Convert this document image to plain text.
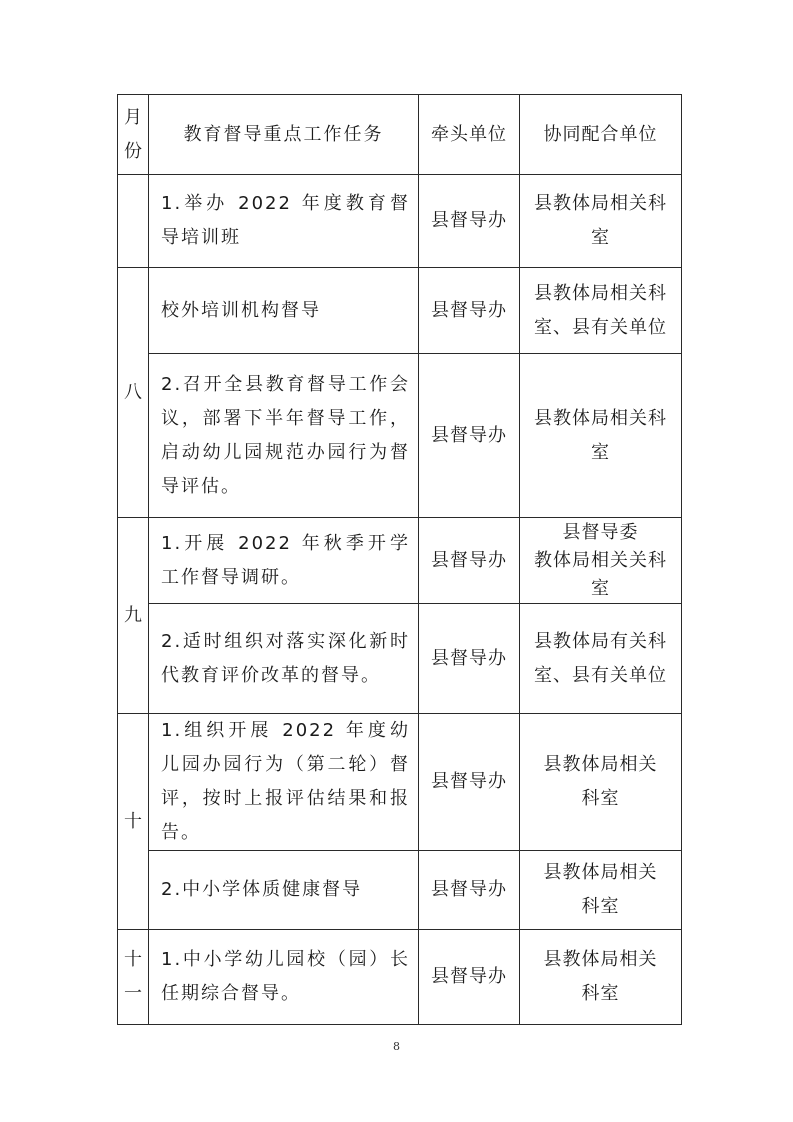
月
份	教育督导重点工作任务	牵头单位	协同配合单位
	1.举办 2022 年度教育督导培训班	县督导办	县教体局相关科
室

八	校外培训机构督导	县督导办	县教体局相关科
室、县有关单位

	2.召开全县教育督导工作会议，部署下半年督导工作，启动幼儿园规范办园行为督导评估。	县督导办	县教体局相关科
室

九	1.开展 2022 年秋季开学工作督导调研。	县督导办	县督导委
教体局相关关科
室

	2.适时组织对落实深化新时代教育评价改革的督导。	县督导办	县教体局有关科
室、县有关单位

十	1.组织开展 2022 年度幼儿园办园行为（第二轮）督评，按时上报评估结果和报告。	县督导办	县教体局相关
科室

	2.中小学体质健康督导	县督导办	县教体局相关
科室

十
一	1.中小学幼儿园校（园）长任期综合督导。	县督导办	县教体局相关
科室
8
